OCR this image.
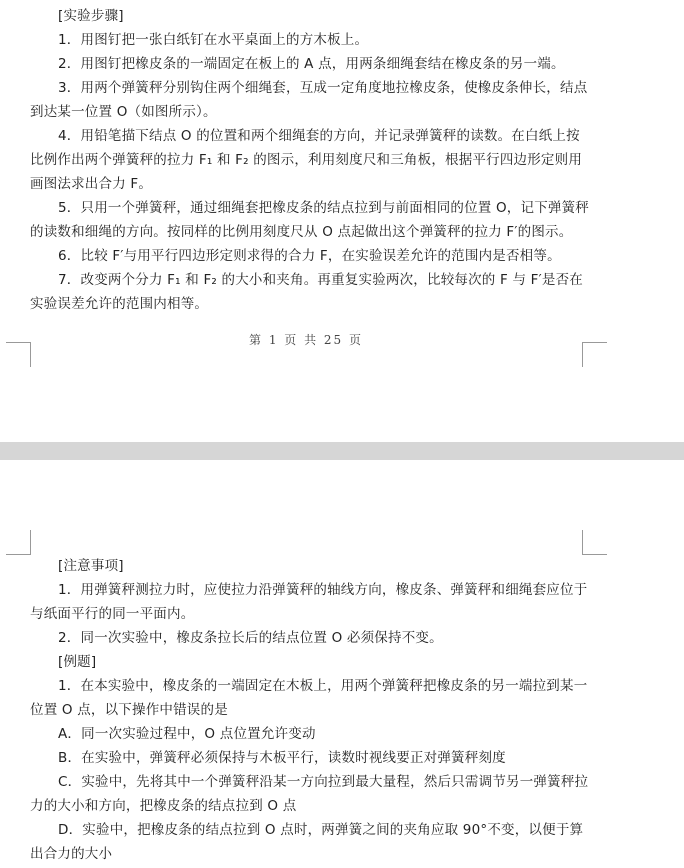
[实验步骤]

1．用图钉把一张白纸钉在水平桌面上的方木板上。

2．用图钉把橡皮条的一端固定在板上的 A 点，用两条细绳套结在橡皮条的另一端。

3．用两个弹簧秤分别钩住两个细绳套，互成一定角度地拉橡皮条，使橡皮条伸长，结点到达某一位置 O（如图所示）。

4．用铅笔描下结点 O 的位置和两个细绳套的方向，并记录弹簧秤的读数。在白纸上按比例作出两个弹簧秤的拉力 F₁ 和 F₂ 的图示，利用刻度尺和三角板，根据平行四边形定则用画图法求出合力 F。

5．只用一个弹簧秤，通过细绳套把橡皮条的结点拉到与前面相同的位置 O，记下弹簧秤的读数和细绳的方向。按同样的比例用刻度尺从 O 点起做出这个弹簧秤的拉力 F′的图示。

6．比较 F′与用平行四边形定则求得的合力 F，在实验误差允许的范围内是否相等。

7．改变两个分力 F₁ 和 F₂ 的大小和夹角。再重复实验两次，比较每次的 F 与 F′是否在实验误差允许的范围内相等。

第 1 页 共 25 页

[注意事项]

1．用弹簧秤测拉力时，应使拉力沿弹簧秤的轴线方向，橡皮条、弹簧秤和细绳套应位于与纸面平行的同一平面内。

2．同一次实验中，橡皮条拉长后的结点位置 O 必须保持不变。

[例题]

1．在本实验中，橡皮条的一端固定在木板上，用两个弹簧秤把橡皮条的另一端拉到某一位置 O 点，以下操作中错误的是

A．同一次实验过程中，O 点位置允许变动

B．在实验中，弹簧秤必须保持与木板平行，读数时视线要正对弹簧秤刻度

C．实验中，先将其中一个弹簧秤沿某一方向拉到最大量程，然后只需调节另一弹簧秤拉力的大小和方向，把橡皮条的结点拉到 O 点

D．实验中，把橡皮条的结点拉到 O 点时，两弹簧之间的夹角应取 90°不变，以便于算出合力的大小
